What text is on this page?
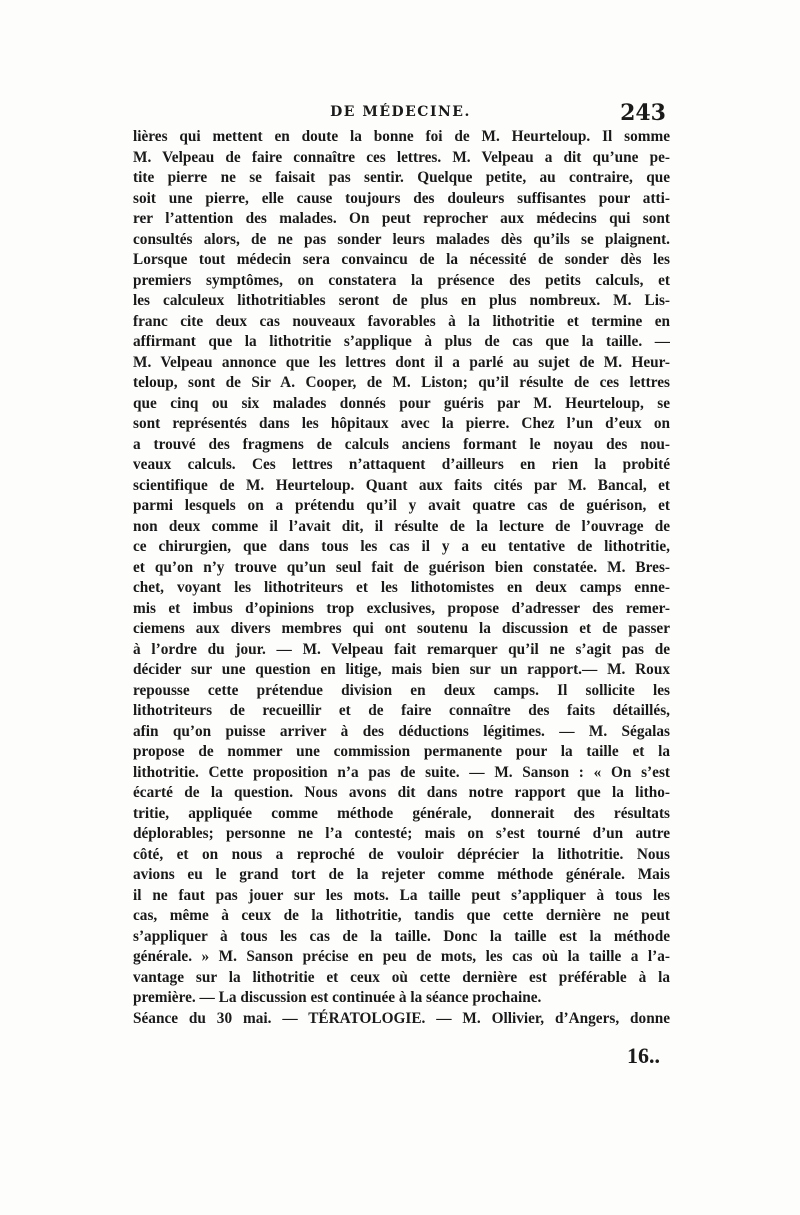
DE MÉDECINE.	243
lières qui mettent en doute la bonne foi de M. Heurteloup. Il somme
M. Velpeau de faire connaître ces lettres. M. Velpeau a dit qu’une pe-
tite pierre ne se faisait pas sentir. Quelque petite, au contraire, que
soit une pierre, elle cause toujours des douleurs suffisantes pour atti-
rer l’attention des malades. On peut reprocher aux médecins qui sont
consultés alors, de ne pas sonder leurs malades dès qu’ils se plaignent.
Lorsque tout médecin sera convaincu de la nécessité de sonder dès les
premiers symptômes, on constatera la présence des petits calculs, et
les calculeux lithotritiables seront de plus en plus nombreux. M. Lis-
franc cite deux cas nouveaux favorables à la lithotritie et termine en
affirmant que la lithotritie s’applique à plus de cas que la taille. —
M. Velpeau annonce que les lettres dont il a parlé au sujet de M. Heur-
teloup, sont de Sir A. Cooper, de M. Liston; qu’il résulte de ces lettres
que cinq ou six malades donnés pour guéris par M. Heurteloup, se
sont représentés dans les hôpitaux avec la pierre. Chez l’un d’eux on
a trouvé des fragmens de calculs anciens formant le noyau des nou-
veaux calculs. Ces lettres n’attaquent d’ailleurs en rien la probité
scientifique de M. Heurteloup. Quant aux faits cités par M. Bancal, et
parmi lesquels on a prétendu qu’il y avait quatre cas de guérison, et
non deux comme il l’avait dit, il résulte de la lecture de l’ouvrage de
ce chirurgien, que dans tous les cas il y a eu tentative de lithotritie,
et qu’on n’y trouve qu’un seul fait de guérison bien constatée. M. Bres-
chet, voyant les lithotriteurs et les lithotomistes en deux camps enne-
mis et imbus d’opinions trop exclusives, propose d’adresser des remer-
ciemens aux divers membres qui ont soutenu la discussion et de passer
à l’ordre du jour. — M. Velpeau fait remarquer qu’il ne s’agit pas de
décider sur une question en litige, mais bien sur un rapport.— M. Roux
repousse cette prétendue division en deux camps. Il sollicite les
lithotriteurs de recueillir et de faire connaître des faits détaillés,
afin qu’on puisse arriver à des déductions légitimes. — M. Ségalas
propose de nommer une commission permanente pour la taille et la
lithotritie. Cette proposition n’a pas de suite. — M. Sanson : « On s’est
écarté de la question. Nous avons dit dans notre rapport que la litho-
tritie, appliquée comme méthode générale, donnerait des résultats
déplorables; personne ne l’a contesté; mais on s’est tourné d’un autre
côté, et on nous a reproché de vouloir déprécier la lithotritie. Nous
avions eu le grand tort de la rejeter comme méthode générale. Mais
il ne faut pas jouer sur les mots. La taille peut s’appliquer à tous les
cas, même à ceux de la lithotritie, tandis que cette dernière ne peut
s’appliquer à tous les cas de la taille. Donc la taille est la méthode
générale. » M. Sanson précise en peu de mots, les cas où la taille a l’a-
vantage sur la lithotritie et ceux où cette dernière est préférable à la
première. — La discussion est continuée à la séance prochaine.
Séance du 30 mai. — TÉRATOLOGIE. — M. Ollivier, d’Angers, donne
16..
